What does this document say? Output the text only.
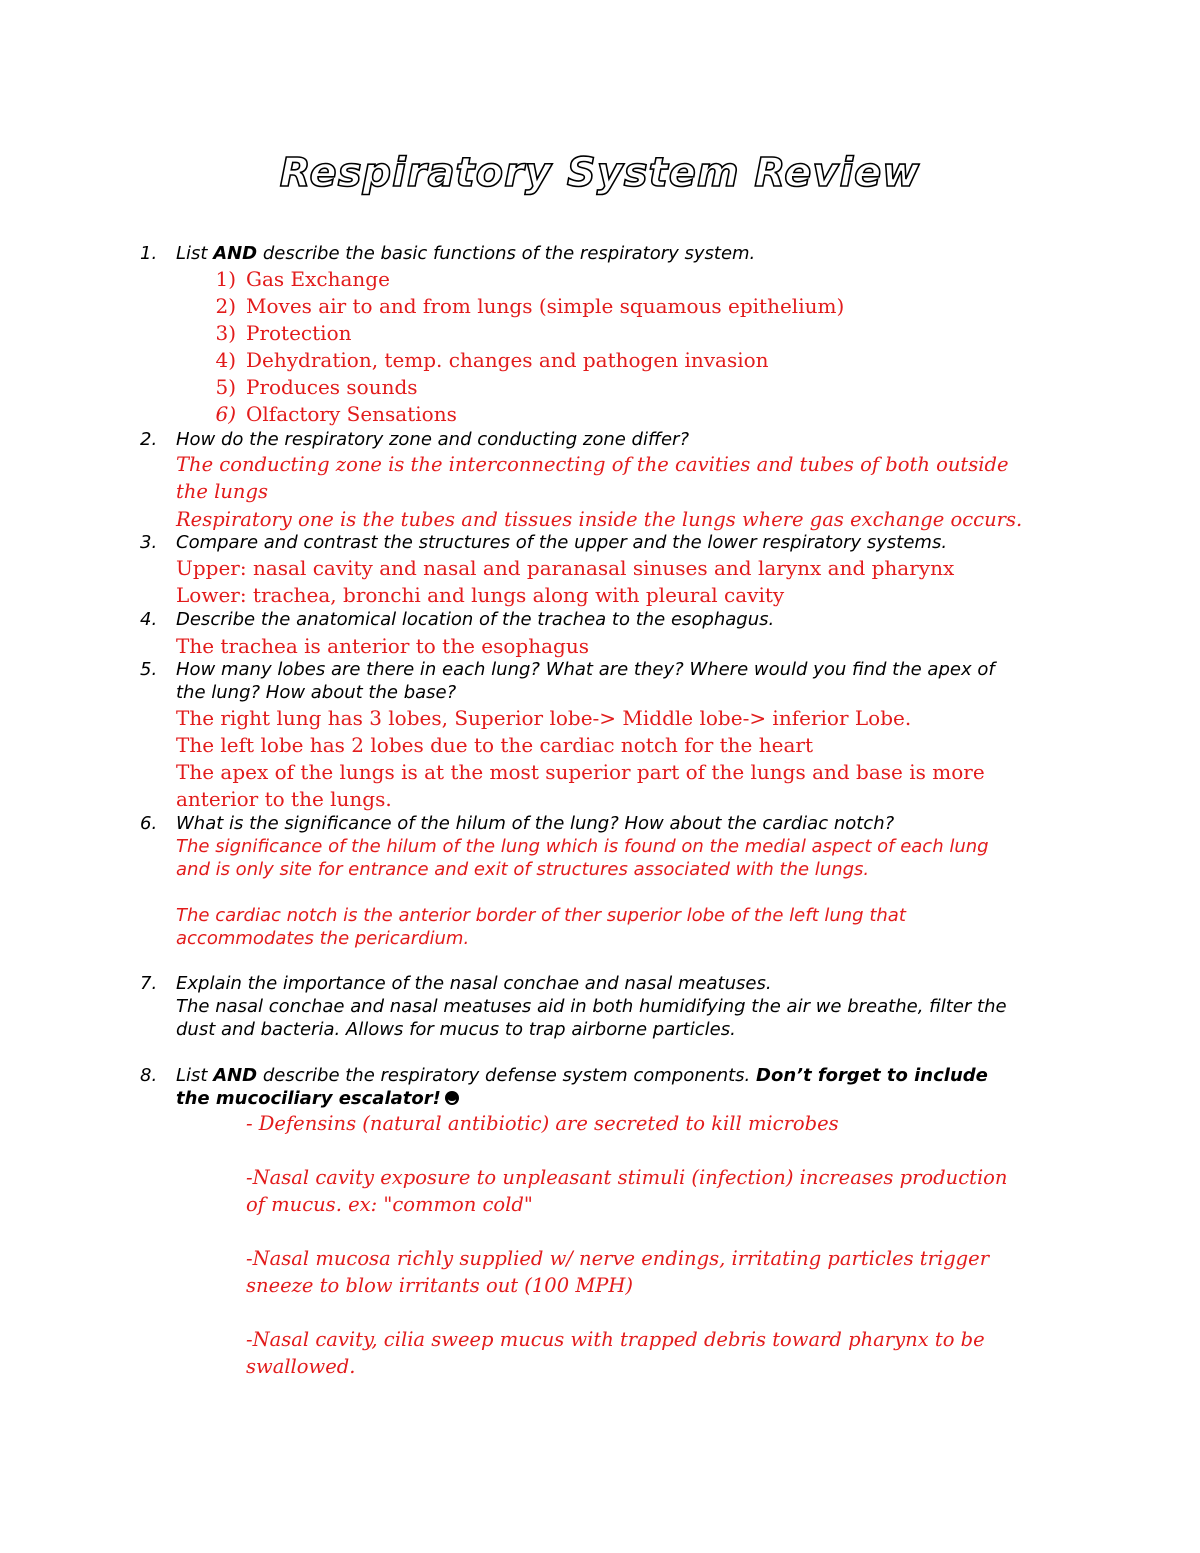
Respiratory System Review
1.	List AND describe the basic functions of the respiratory system.
1) Gas Exchange
2) Moves air to and from lungs (simple squamous epithelium)
3) Protection
4) Dehydration, temp. changes and pathogen invasion
5) Produces sounds
6) Olfactory Sensations
2.	How do the respiratory zone and conducting zone differ?
The conducting zone is the interconnecting of the cavities and tubes of both outside the lungs
Respiratory one is the tubes and tissues inside the lungs where gas exchange occurs.
3.	Compare and contrast the structures of the upper and the lower respiratory systems.
Upper: nasal cavity and nasal and paranasal sinuses and larynx and pharynx
Lower: trachea, bronchi and lungs along with pleural cavity
4.	Describe the anatomical location of the trachea to the esophagus.
The trachea is anterior to the esophagus
5.	How many lobes are there in each lung? What are they? Where would you find the apex of the lung? How about the base?
The right lung has 3 lobes, Superior lobe-> Middle lobe-> inferior Lobe.
The left lobe has 2 lobes due to the cardiac notch for the heart
The apex of the lungs is at the most superior part of the lungs and base is more anterior to the lungs.
6.	What is the significance of the hilum of the lung? How about the cardiac notch?
The significance of the hilum of the lung which is found on the medial aspect of each lung and is only site for entrance and exit of structures associated with the lungs.
The cardiac notch is the anterior border of ther superior lobe of the left lung that accommodates the pericardium.
7.	Explain the importance of the nasal conchae and nasal meatuses.
The nasal conchae and nasal meatuses aid in both humidifying the air we breathe, filter the dust and bacteria. Allows for mucus to trap airborne particles.
8.	List AND describe the respiratory defense system components. Don’t forget to include the mucociliary escalator!
- Defensins (natural antibiotic) are secreted to kill microbes
-Nasal cavity exposure to unpleasant stimuli (infection) increases production of mucus. ex: "common cold"
-Nasal mucosa richly supplied w/ nerve endings, irritating particles trigger sneeze to blow irritants out (100 MPH)
-Nasal cavity, cilia sweep mucus with trapped debris toward pharynx to be swallowed.
